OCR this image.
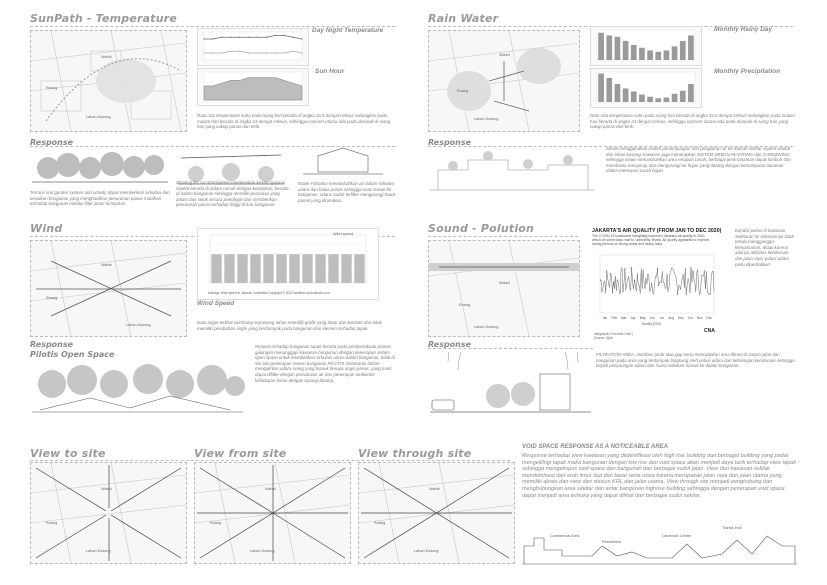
SunPath - Temperature
Wahid
Ruang
Lahan Kosong
Day Night Temperature
Sun Hour
Rata rata temperature suhu pada siang hari berada di angka 33.5 derajat celsius sedangkan pada malam hari berada di angka 24 derajat celsius, sehingga concern utama ada pada dampak di siang hari yang cukup panas dan terik.
Response
Terrace and garden system and activity dapat memberikan sirkulasi dan kenaikan bangunan yang menghasilkan penurunan panas matahari terhadap bangunan melalui filter alami tumbuhan.
Shading for cut atmosphere memberikan kesan nyaman seperti berada di dalam rumah dengan kesejukan, berada di dalam bangunan sehingga memiliki perasaan yang dalam dan sejuk secara psikologis dan memberikan penurunan panas terhadap tinggi di luar bangunan.
Water Filtration menambahkan air dalam sirkulasi udara dan hawa panas sehingga saat masuk ke bangunan, udara sudah terfilter mengurangi hawa panas yang dirasakan.
Rain Water
Wahid
Ruang
Lahan Kosong
Monthly Rainy Day
Monthly Precipitation
Rata rata temperature suhu pada siang hari berada di angka 33.5 derajat celsius sedangkan pada malam hari berada di angka 24 derajat celsius, sehingga concern utama ada pada dampak di siang hari yang cukup panas dan terik.
Response
Selain menggunakan sistem penampungan dan pengaliran air ke daerah sekitar seperti waduk dan lahan kosong, kawasan juga menerapkan SISTEM URBAN PLANTING dan GARDENING, sehingga selain menambahkan area resapan tanah, berbagai jenis tanaman dapat tumbuh dan membantu menyerap dan mengurangi air hujan yang datang dengan kemampuan tanaman dalam merespon curah hujan.
Wind
Wahid
Ruang
Lahan Kosong
Wind speed
Average wind speed in Jakarta, Indonesia Copyright © 2022 weather-and-climate.com
Wind Speed
Data angin terlihat seimbang sepanjang tahun memiliki grafik yang datar dan konstan dan tidak memiliki perubahan angin yang berdampak pada bangunan dan elemen terhadap tapak.
Response
Pilotis Open Space
Respon terhadap bangunan tapak berada pada pemberlakuan proses gulungan menanggapi kawasan bangunan dengan penerapan sistem open space untuk memberikan sirkulasi udara dalam bangunan, tidak di sisi lain penerapan sistem bangunan PILOTIS membantu dalam mengalirkan udara ruang yang masuk berupa angin panas, yang nanti dapat difilter dengan pemakaian air dan penerapan ambience kehidupan hutan dengan batang-batang.
Sound - Polution
Wahid
Ruang
Lahan Kosong
JAKARTA'S AIR QUALITY (FROM JAN TO DEC 2020)
The COVID-19 lockdowns marginally improved Jakarta's air quality in 2020, which on some days rose to 'unhealthy' levels. Air quality appeared to improve during periods of strong winds and heavy rains.
Jan Feb Mar Apr May Jun Jul Aug Sep Oct Nov Dec
Month(2020)
Infographic: Kenneth Chia | Source: IQAir
CNA
Kondisi polusi di kawasan Sekitaran ini sebenarnya tidak terlalu mengganggu kenyamanan, tetapi karena adanya aktivitas kendaraan dan jalan raya, polusi udara perlu diperhatikan.
Response
FILTRATION AREA, memberi jarak atau gap serta menciptakan area filtrasi di antara jalan dan bangunan pada area yang terdampak langsung oleh polusi udara dan kebisingan kendaraan sehingga terjadi penyaringan udara dan suara sebelum masuk ke dalam bangunan.
View to site	View from site	View through site
Wahid
Ruang
Lahan Kosong
Wahid
Ruang
Lahan Kosong
Wahid
Ruang
Lahan Kosong
VOID SPACE RESPONSE AS A NOTICEABLE AREA
Response terhadap view kawasan yang diidentifikasi oleh high rise building dan berbagai building yang padat mengelilingi tapak maka bangunan dengan low rise dan void space akan menjadi daya tarik terhadap view tapak sehingga mengekspos void space dan bangunan dari berbagai sudut jalan. View dari kawasan sekitar mendominasi dari arah timur laut dan barat serta utara karena merupakan jalan raya dan jalan utama yang memiliki akses dan view dari stasiun KRL dan jalan utama. View through site menjadi penghubung dan menghubungkan area sekitar dan antar bangunan highrise building sehingga dengan penerapan void space dapat menjadi area terbuka yang dapat dilihat dari berbagai sudut sekitar.
Commercial Area
Residential
Landmark Center
Transit-Hub
